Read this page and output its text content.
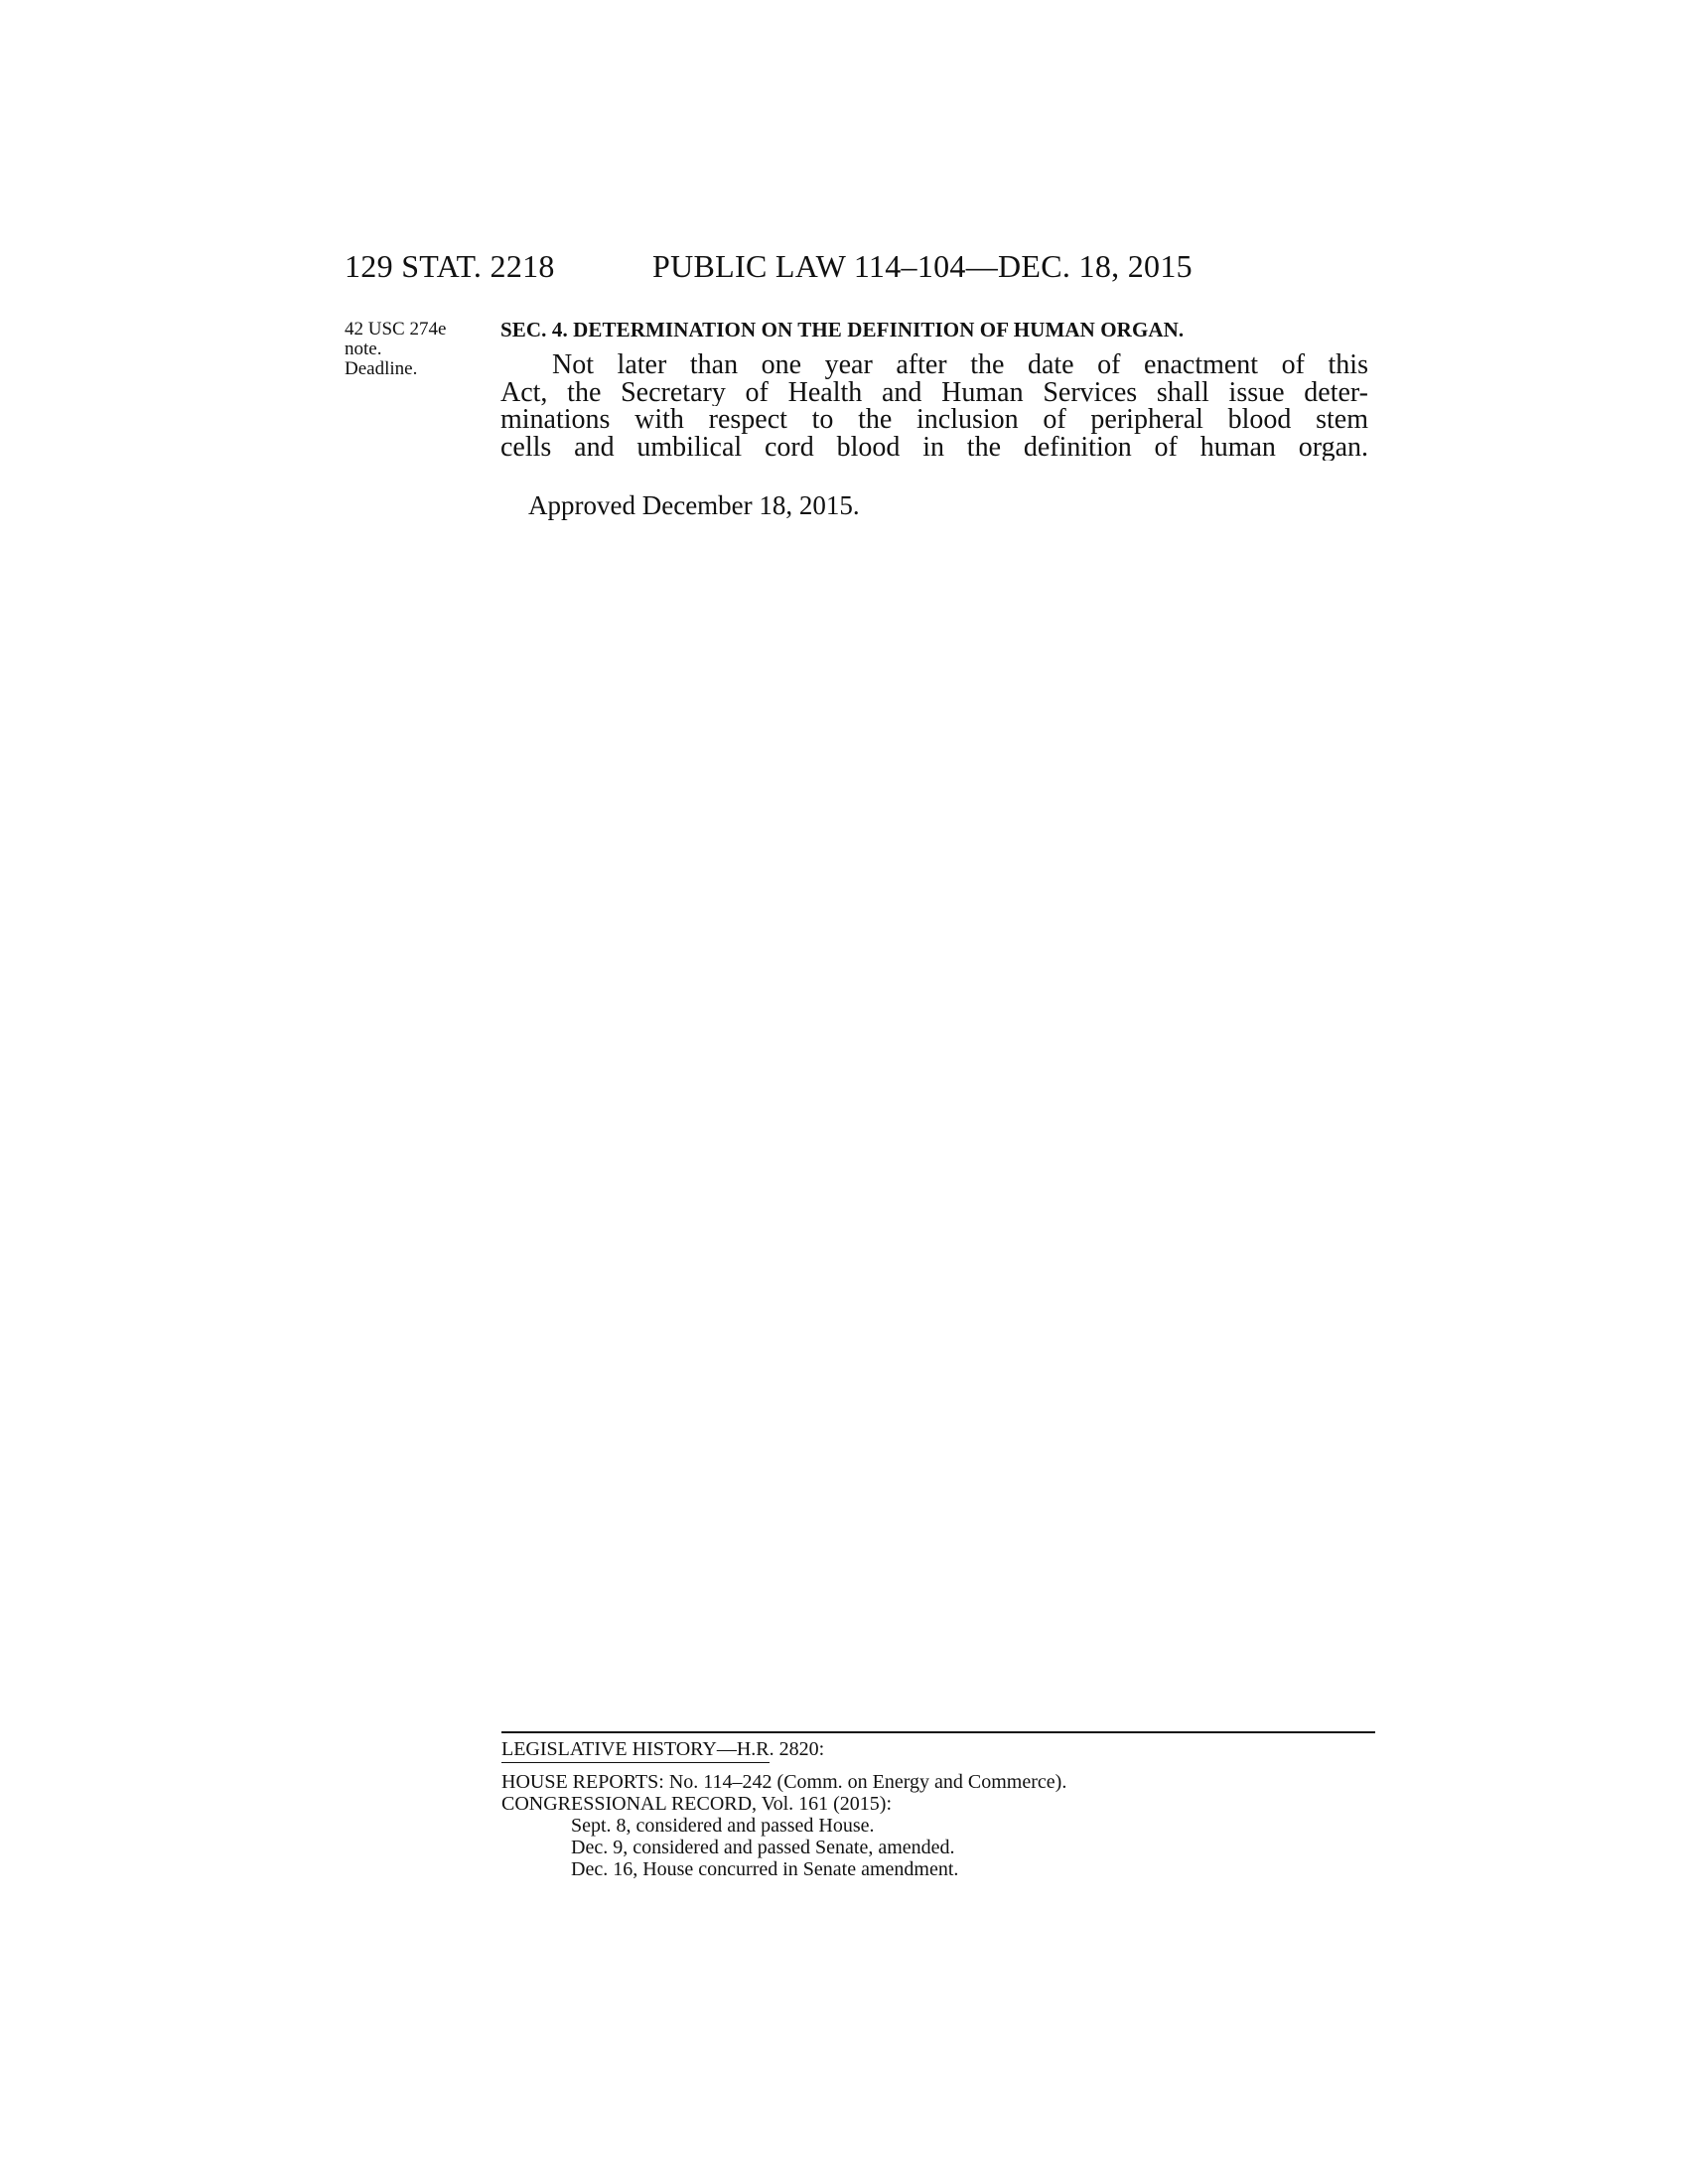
129 STAT. 2218	PUBLIC LAW 114–104—DEC. 18, 2015
42 USC 274e
note.
Deadline.
SEC. 4. DETERMINATION ON THE DEFINITION OF HUMAN ORGAN.
Not later than one year after the date of enactment of this
Act, the Secretary of Health and Human Services shall issue deter-
minations with respect to the inclusion of peripheral blood stem
cells and umbilical cord blood in the definition of human organ.
Approved December 18, 2015.
LEGISLATIVE HISTORY—H.R. 2820:
HOUSE REPORTS: No. 114–242 (Comm. on Energy and Commerce).
CONGRESSIONAL RECORD, Vol. 161 (2015):
Sept. 8, considered and passed House.
Dec. 9, considered and passed Senate, amended.
Dec. 16, House concurred in Senate amendment.
